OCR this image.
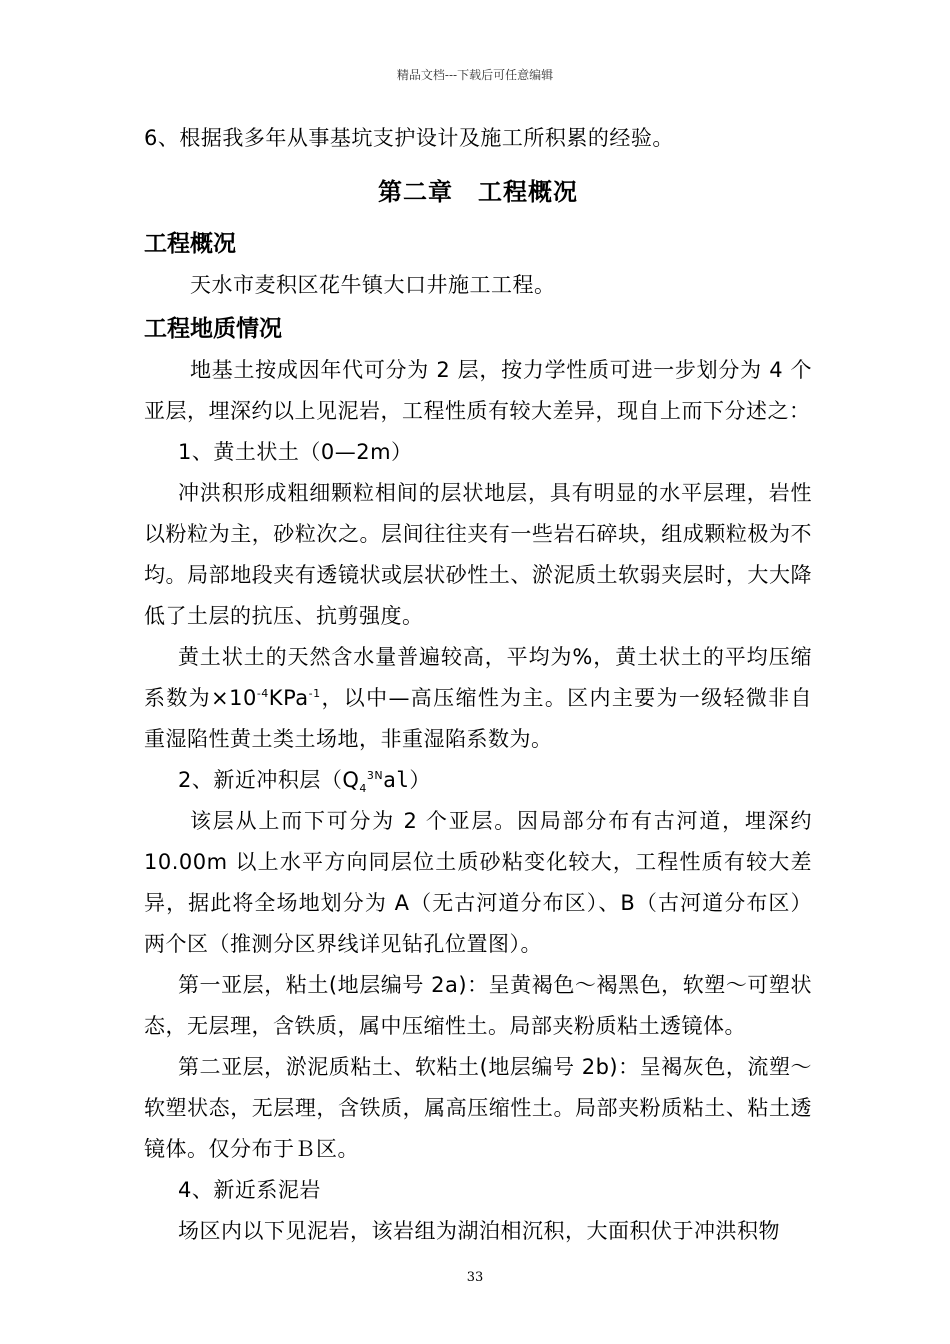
精品文档---下载后可任意编辑
6、根据我多年从事基坑支护设计及施工所积累的经验。
第二章　工程概况
工程概况
天水市麦积区花牛镇大口井施工工程。
工程地质情况
地基土按成因年代可分为 2 层，按力学性质可进一步划分为 4 个亚层，埋深约以上见泥岩，工程性质有较大差异，现自上而下分述之：
1、黄土状土（0—2m）
冲洪积形成粗细颗粒相间的层状地层，具有明显的水平层理，岩性以粉粒为主，砂粒次之。层间往往夹有一些岩石碎块，组成颗粒极为不均。局部地段夹有透镜状或层状砂性土、淤泥质土软弱夹层时，大大降低了土层的抗压、抗剪强度。
黄土状土的天然含水量普遍较高，平均为%，黄土状土的平均压缩系数为$\times 10^{-4}KPa^{-1}$，以中—高压缩性为主。区内主要为一级轻微非自重湿陷性黄土类土场地，非重湿陷系数为。
2、新近冲积层$(Q_4^{3N}al)$
该层从上而下可分为 2 个亚层。因局部分布有古河道，埋深约 10.00m 以上水平方向同层位土质砂粘变化较大，工程性质有较大差异，据此将全场地划分为 A（无古河道分布区）、B（古河道分布区）两个区（推测分区界线详见钻孔位置图）。
第一亚层，粘土(地层编号 2a)：呈黄褐色～褐黑色，软塑～可塑状态，无层理，含铁质，属中压缩性土。局部夹粉质粘土透镜体。
第二亚层，淤泥质粘土、软粘土(地层编号 2b)：呈褐灰色，流塑～软塑状态，无层理，含铁质，属高压缩性土。局部夹粉质粘土、粘土透镜体。仅分布于Ｂ区。
4、新近系泥岩
场区内以下见泥岩，该岩组为湖泊相沉积，大面积伏于冲洪积物
33
